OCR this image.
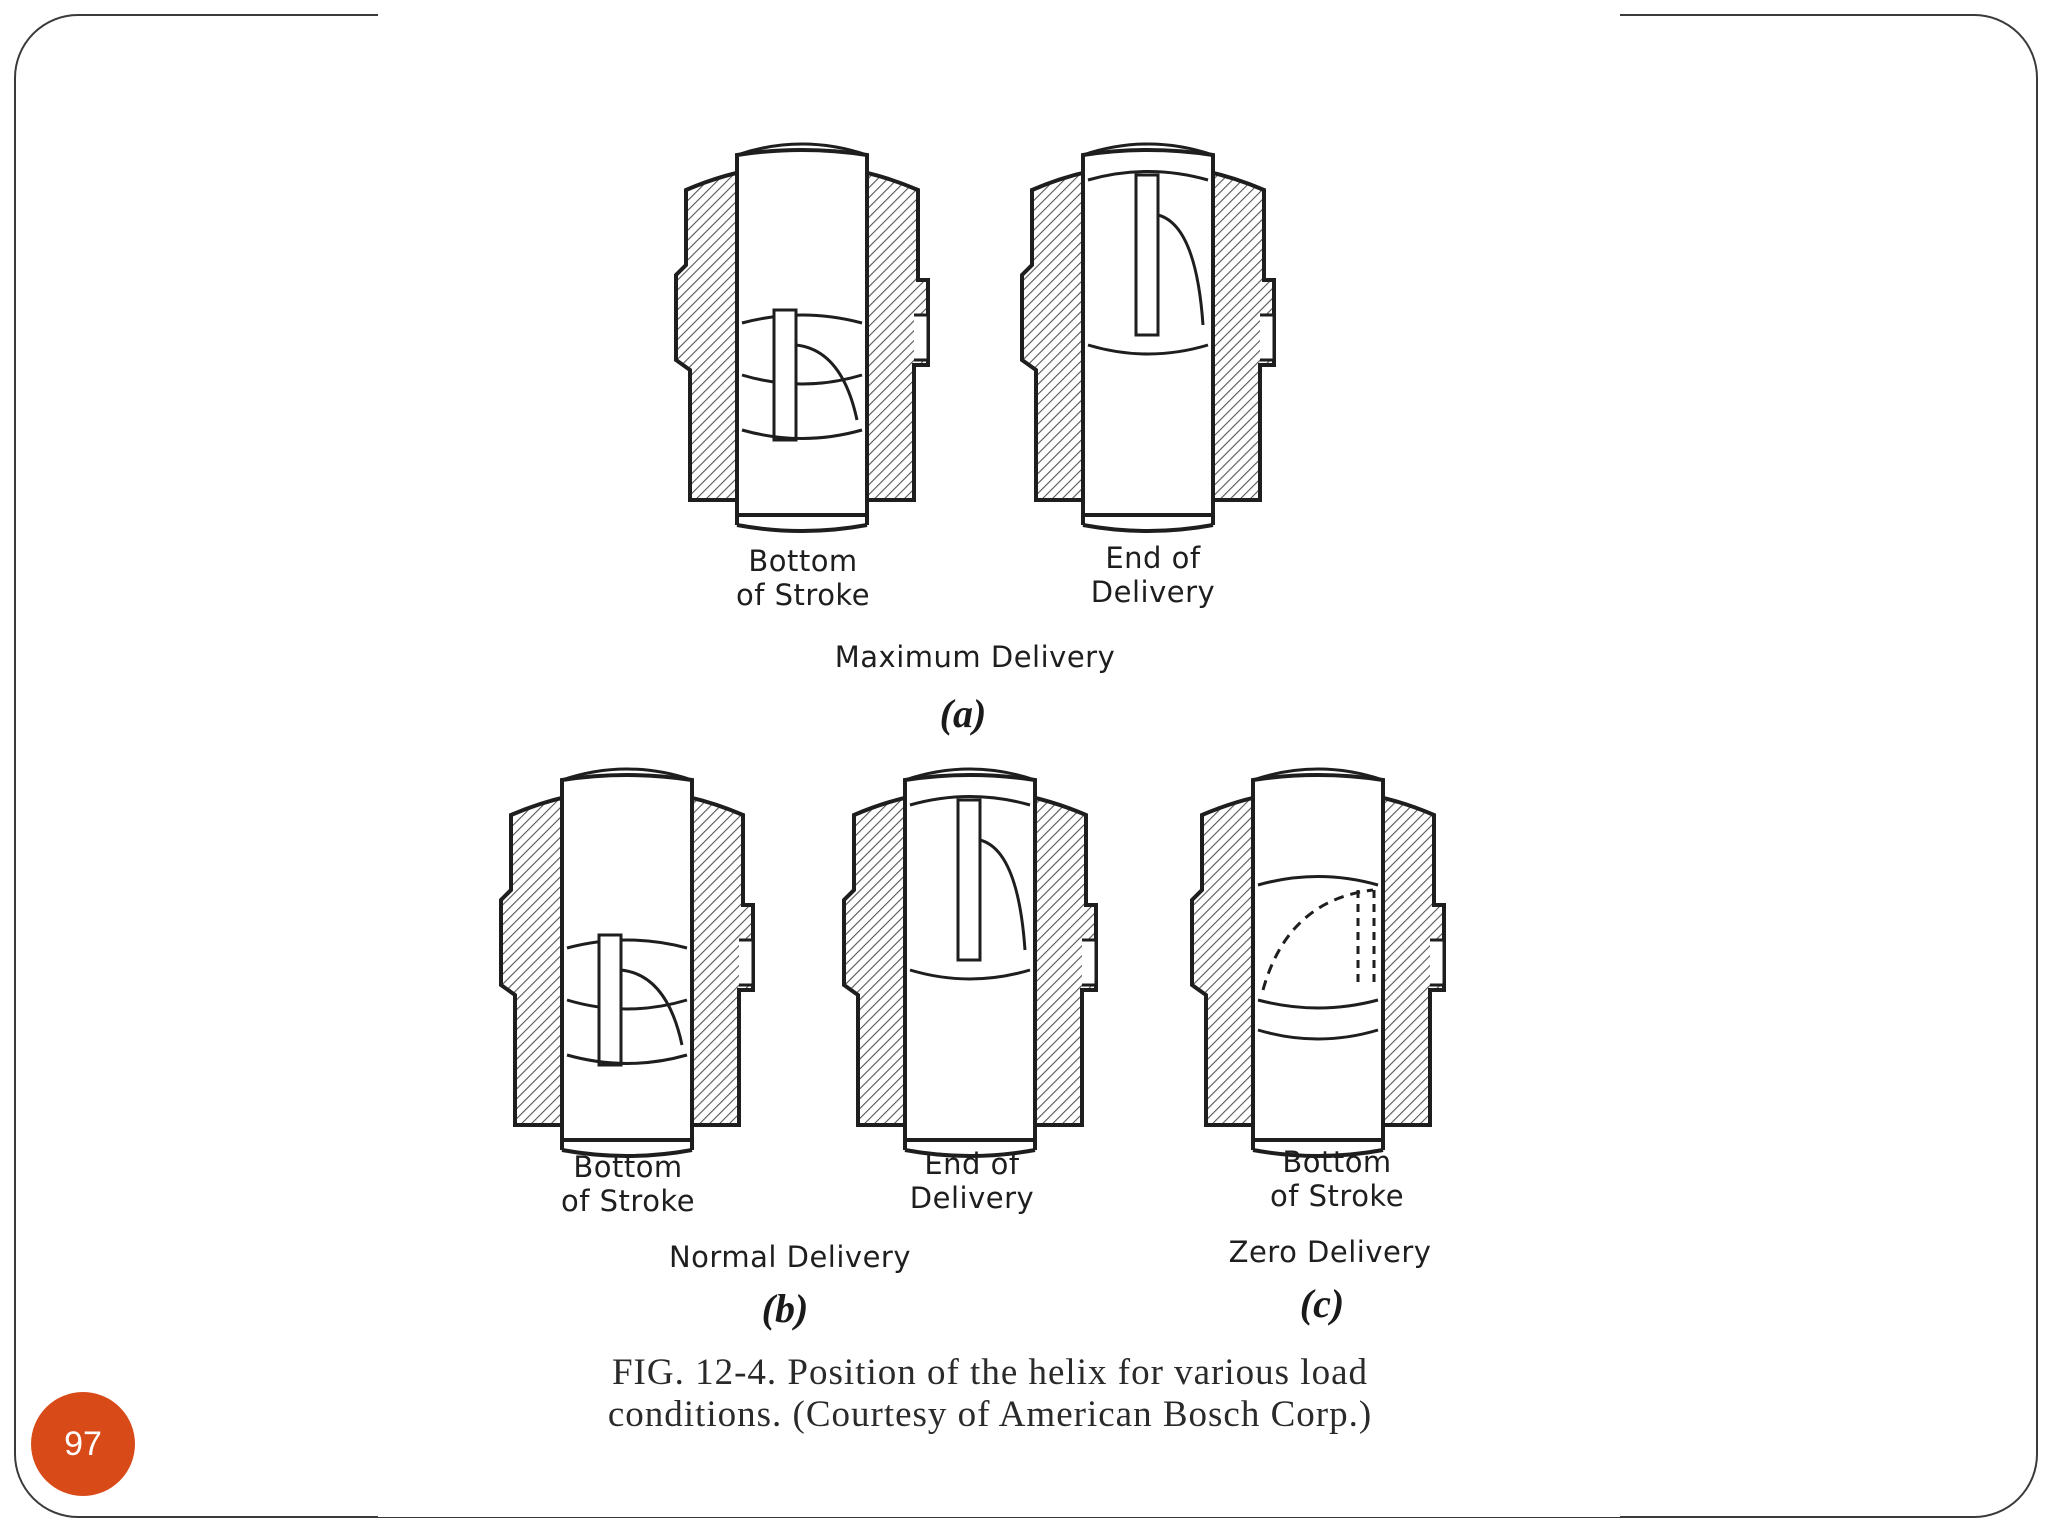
Bottom
of Stroke
End of
Delivery
Maximum Delivery
(a)
Bottom
of Stroke
End of
Delivery
Normal Delivery
(b)
Bottom
of Stroke
Zero Delivery
(c)
FIG. 12-4. Position of the helix for various load conditions. (Courtesy of American Bosch Corp.)
97
